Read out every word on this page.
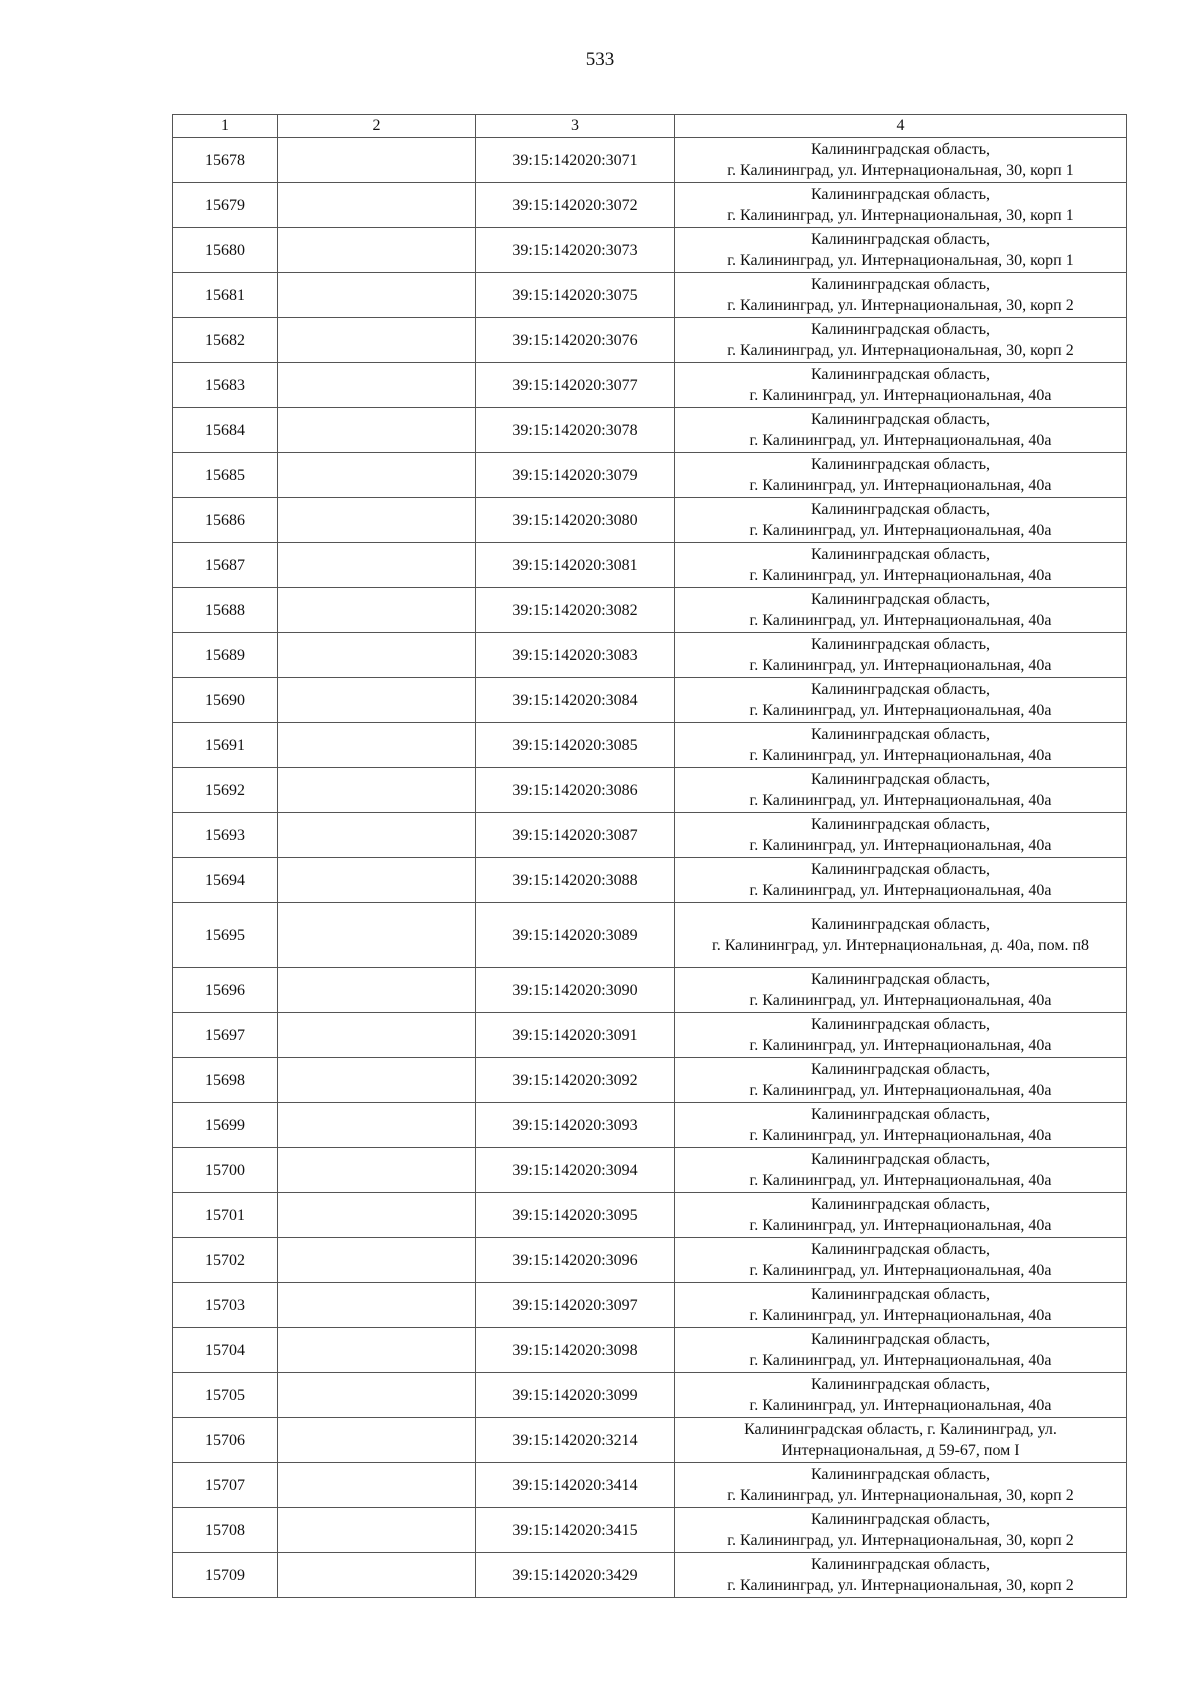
533
1	2	3	4
15678		39:15:142020:3071	Калининградская область,
г. Калининград, ул. Интернациональная, 30, корп 1

15679		39:15:142020:3072	Калининградская область,
г. Калининград, ул. Интернациональная, 30, корп 1

15680		39:15:142020:3073	Калининградская область,
г. Калининград, ул. Интернациональная, 30, корп 1

15681		39:15:142020:3075	Калининградская область,
г. Калининград, ул. Интернациональная, 30, корп 2

15682		39:15:142020:3076	Калининградская область,
г. Калининград, ул. Интернациональная, 30, корп 2

15683		39:15:142020:3077	Калининградская область,
г. Калининград, ул. Интернациональная, 40а

15684		39:15:142020:3078	Калининградская область,
г. Калининград, ул. Интернациональная, 40а

15685		39:15:142020:3079	Калининградская область,
г. Калининград, ул. Интернациональная, 40а

15686		39:15:142020:3080	Калининградская область,
г. Калининград, ул. Интернациональная, 40а

15687		39:15:142020:3081	Калининградская область,
г. Калининград, ул. Интернациональная, 40а

15688		39:15:142020:3082	Калининградская область,
г. Калининград, ул. Интернациональная, 40а

15689		39:15:142020:3083	Калининградская область,
г. Калининград, ул. Интернациональная, 40а

15690		39:15:142020:3084	Калининградская область,
г. Калининград, ул. Интернациональная, 40а

15691		39:15:142020:3085	Калининградская область,
г. Калининград, ул. Интернациональная, 40а

15692		39:15:142020:3086	Калининградская область,
г. Калининград, ул. Интернациональная, 40а

15693		39:15:142020:3087	Калининградская область,
г. Калининград, ул. Интернациональная, 40а

15694		39:15:142020:3088	Калининградская область,
г. Калининград, ул. Интернациональная, 40а

15695		39:15:142020:3089	Калининградская область,
г. Калининград, ул. Интернациональная, д. 40а, пом. п8

15696		39:15:142020:3090	Калининградская область,
г. Калининград, ул. Интернациональная, 40а

15697		39:15:142020:3091	Калининградская область,
г. Калининград, ул. Интернациональная, 40а

15698		39:15:142020:3092	Калининградская область,
г. Калининград, ул. Интернациональная, 40а

15699		39:15:142020:3093	Калининградская область,
г. Калининград, ул. Интернациональная, 40а

15700		39:15:142020:3094	Калининградская область,
г. Калининград, ул. Интернациональная, 40а

15701		39:15:142020:3095	Калининградская область,
г. Калининград, ул. Интернациональная, 40а

15702		39:15:142020:3096	Калининградская область,
г. Калининград, ул. Интернациональная, 40а

15703		39:15:142020:3097	Калининградская область,
г. Калининград, ул. Интернациональная, 40а

15704		39:15:142020:3098	Калининградская область,
г. Калининград, ул. Интернациональная, 40а

15705		39:15:142020:3099	Калининградская область,
г. Калининград, ул. Интернациональная, 40а

15706		39:15:142020:3214	Калининградская область, г. Калининград, ул.
Интернациональная, д 59-67, пом I

15707		39:15:142020:3414	Калининградская область,
г. Калининград, ул. Интернациональная, 30, корп 2

15708		39:15:142020:3415	Калининградская область,
г. Калининград, ул. Интернациональная, 30, корп 2

15709		39:15:142020:3429	Калининградская область,
г. Калининград, ул. Интернациональная, 30, корп 2
